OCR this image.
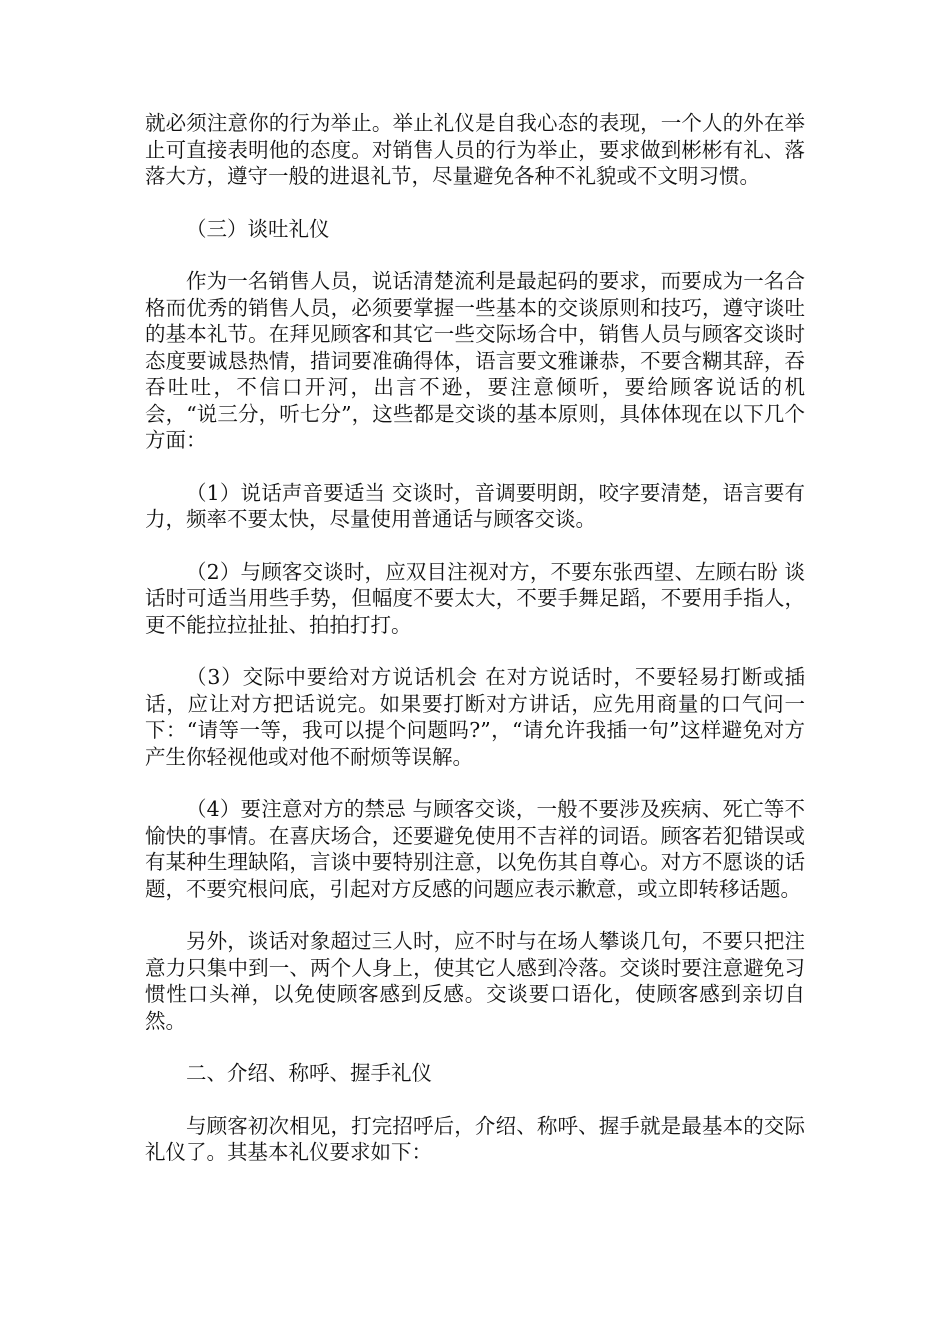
就必须注意你的行为举止。举止礼仪是自我心态的表现，一个人的外在举止可直接表明他的态度。对销售人员的行为举止，要求做到彬彬有礼、落落大方，遵守一般的进退礼节，尽量避免各种不礼貌或不文明习惯。

（三）谈吐礼仪

作为一名销售人员，说话清楚流利是最起码的要求，而要成为一名合格而优秀的销售人员，必须要掌握一些基本的交谈原则和技巧，遵守谈吐的基本礼节。在拜见顾客和其它一些交际场合中，销售人员与顾客交谈时态度要诚恳热情，措词要准确得体，语言要文雅谦恭，不要含糊其辞，吞吞吐吐，不信口开河，出言不逊，要注意倾听，要给顾客说话的机会，“说三分，听七分”，这些都是交谈的基本原则，具体体现在以下几个方面：

（1）说话声音要适当 交谈时，音调要明朗，咬字要清楚，语言要有力，频率不要太快，尽量使用普通话与顾客交谈。

（2）与顾客交谈时，应双目注视对方，不要东张西望、左顾右盼 谈话时可适当用些手势，但幅度不要太大，不要手舞足蹈，不要用手指人，更不能拉拉扯扯、拍拍打打。

（3）交际中要给对方说话机会 在对方说话时，不要轻易打断或插话，应让对方把话说完。如果要打断对方讲话，应先用商量的口气问一下：“请等一等，我可以提个问题吗?”，“请允许我插一句”这样避免对方产生你轻视他或对他不耐烦等误解。

（4）要注意对方的禁忌 与顾客交谈，一般不要涉及疾病、死亡等不愉快的事情。在喜庆场合，还要避免使用不吉祥的词语。顾客若犯错误或有某种生理缺陷，言谈中要特别注意，以免伤其自尊心。对方不愿谈的话题，不要究根问底，引起对方反感的问题应表示歉意，或立即转移话题。

另外，谈话对象超过三人时，应不时与在场人攀谈几句，不要只把注意力只集中到一、两个人身上，使其它人感到冷落。交谈时要注意避免习惯性口头禅，以免使顾客感到反感。交谈要口语化，使顾客感到亲切自然。

二、介绍、称呼、握手礼仪

与顾客初次相见，打完招呼后，介绍、称呼、握手就是最基本的交际礼仪了。其基本礼仪要求如下：
